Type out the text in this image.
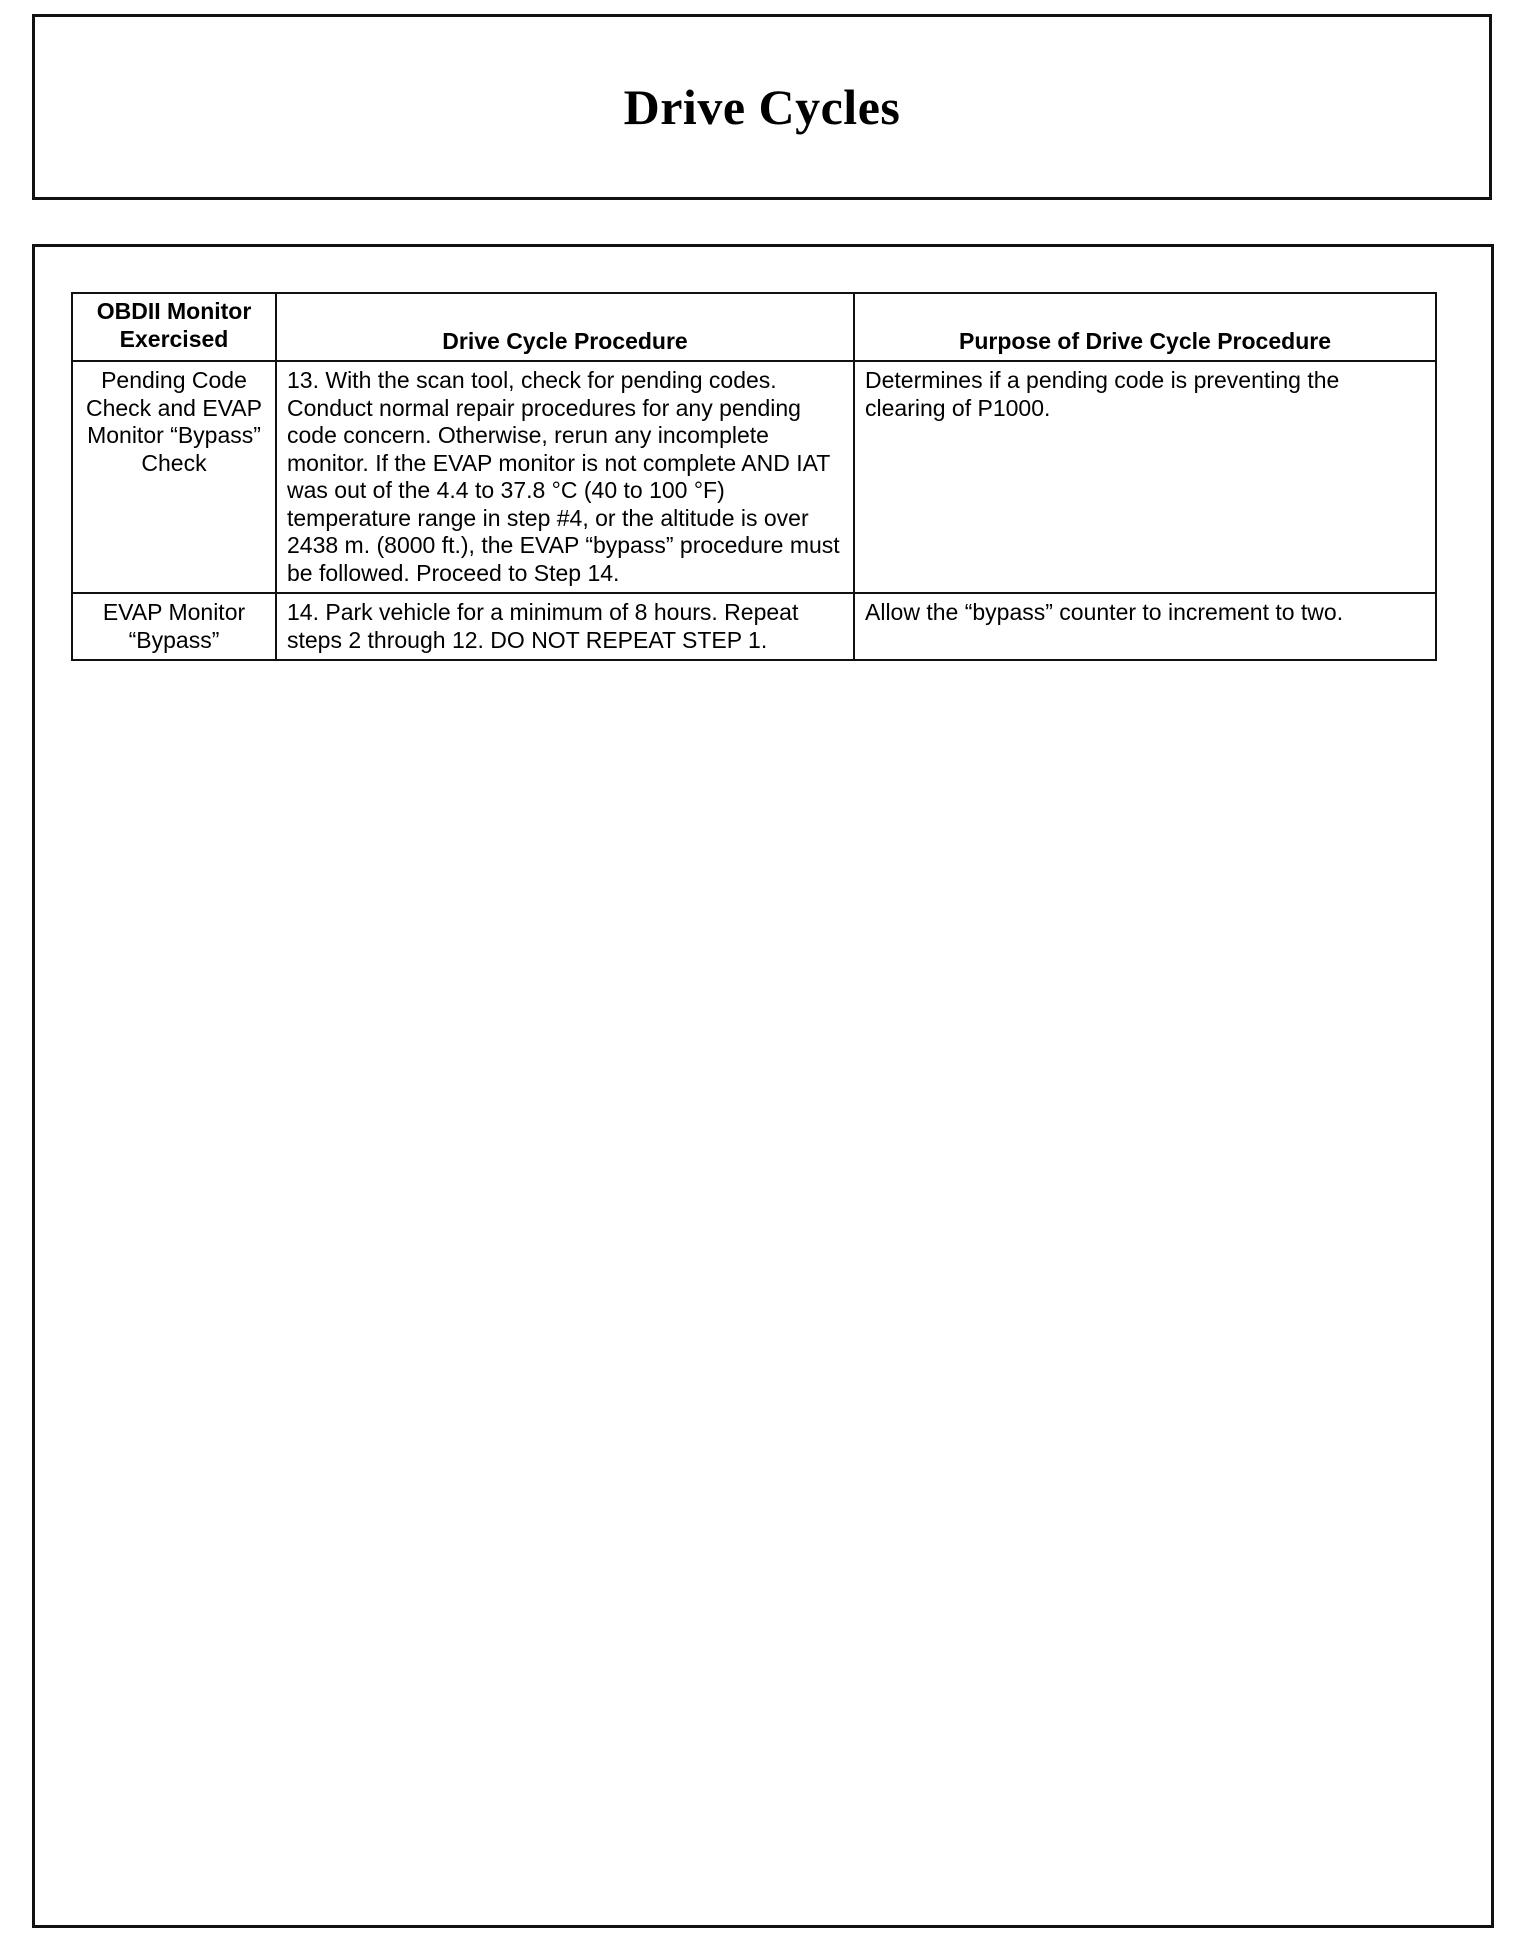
Drive Cycles
OBDII Monitor Exercised	Drive Cycle Procedure	Purpose of Drive Cycle Procedure
Pending Code Check and EVAP Monitor “Bypass” Check	13. With the scan tool, check for pending codes. Conduct normal repair procedures for any pending code concern. Otherwise, rerun any incomplete monitor. If the EVAP monitor is not complete AND IAT was out of the 4.4 to 37.8 °C (40 to 100 °F) temperature range in step #4, or the altitude is over 2438 m. (8000 ft.), the EVAP “bypass” procedure must be followed. Proceed to Step 14.	Determines if a pending code is preventing the clearing of P1000.
EVAP Monitor “Bypass”	14. Park vehicle for a minimum of 8 hours. Repeat steps 2 through 12. DO NOT REPEAT STEP 1.	Allow the “bypass” counter to increment to two.
